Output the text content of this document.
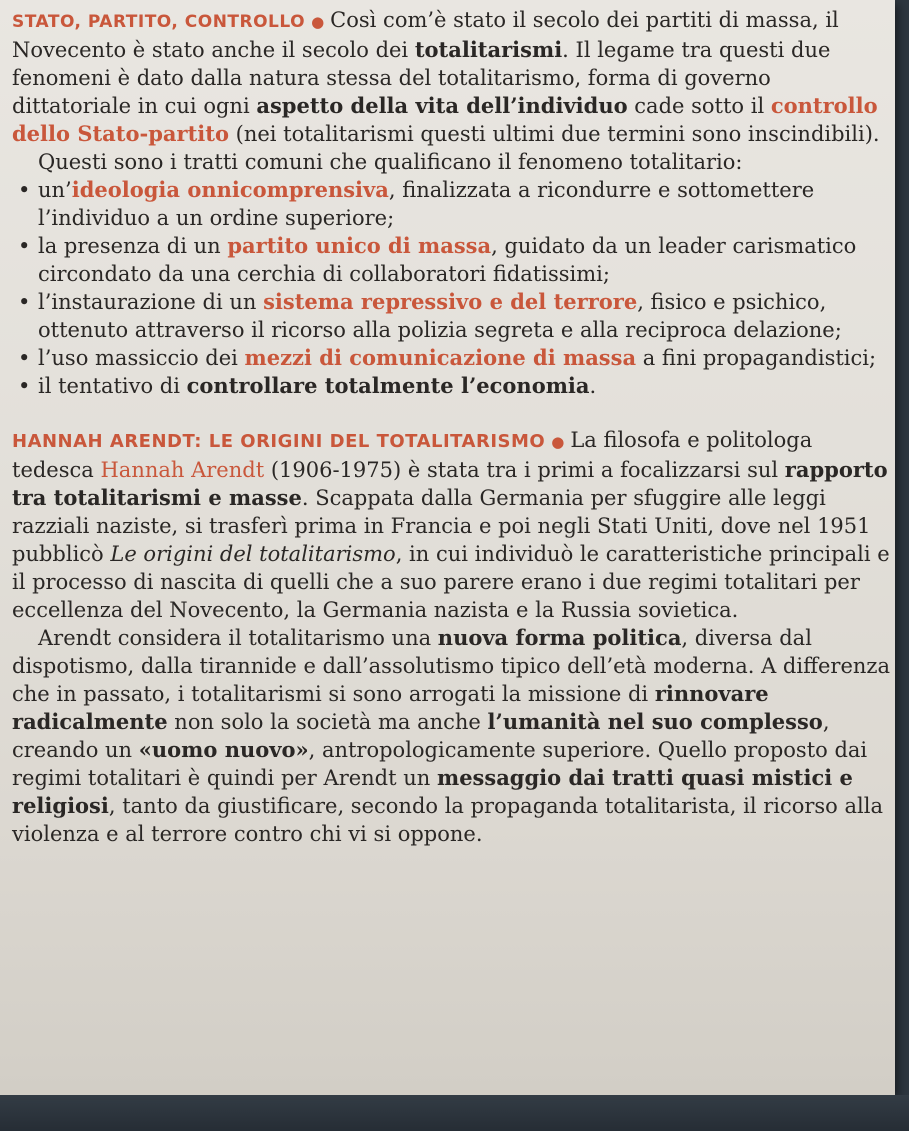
STATO, PARTITO, CONTROLLO ● Così com’è stato il secolo dei partiti di massa, il Novecento è stato anche il secolo dei totalitarismi. Il legame tra questi due fenomeni è dato dalla natura stessa del totalitarismo, forma di governo dittatoriale in cui ogni aspetto della vita dell’individuo cade sotto il controllo dello Stato-partito (nei totalitarismi questi ultimi due termini sono inscindibili).

Questi sono i tratti comuni che qualificano il fenomeno totalitario:

• un’ideologia onnicomprensiva, finalizzata a ricondurre e sottomettere l’individuo a un ordine superiore;
• la presenza di un partito unico di massa, guidato da un leader carismatico circondato da una cerchia di collaboratori fidatissimi;
• l’instaurazione di un sistema repressivo e del terrore, fisico e psichico, ottenuto attraverso il ricorso alla polizia segreta e alla reciproca delazione;
• l’uso massiccio dei mezzi di comunicazione di massa a fini propagandistici;
• il tentativo di controllare totalmente l’economia.

HANNAH ARENDT: LE ORIGINI DEL TOTALITARISMO ● La filosofa e politologa tedesca Hannah Arendt (1906-1975) è stata tra i primi a focalizzarsi sul rapporto tra totalitarismi e masse. Scappata dalla Germania per sfuggire alle leggi razziali naziste, si trasferì prima in Francia e poi negli Stati Uniti, dove nel 1951 pubblicò Le origini del totalitarismo, in cui individuò le caratteristiche principali e il processo di nascita di quelli che a suo parere erano i due regimi totalitari per eccellenza del Novecento, la Germania nazista e la Russia sovietica.

Arendt considera il totalitarismo una nuova forma politica, diversa dal dispotismo, dalla tirannide e dall’assolutismo tipico dell’età moderna. A differenza che in passato, i totalitarismi si sono arrogati la missione di rinnovare radicalmente non solo la società ma anche l’umanità nel suo complesso, creando un «uomo nuovo», antropologicamente superiore. Quello proposto dai regimi totalitari è quindi per Arendt un messaggio dai tratti quasi mistici e religiosi, tanto da giustificare, secondo la propaganda totalitarista, il ricorso alla violenza e al terrore contro chi vi si oppone.
